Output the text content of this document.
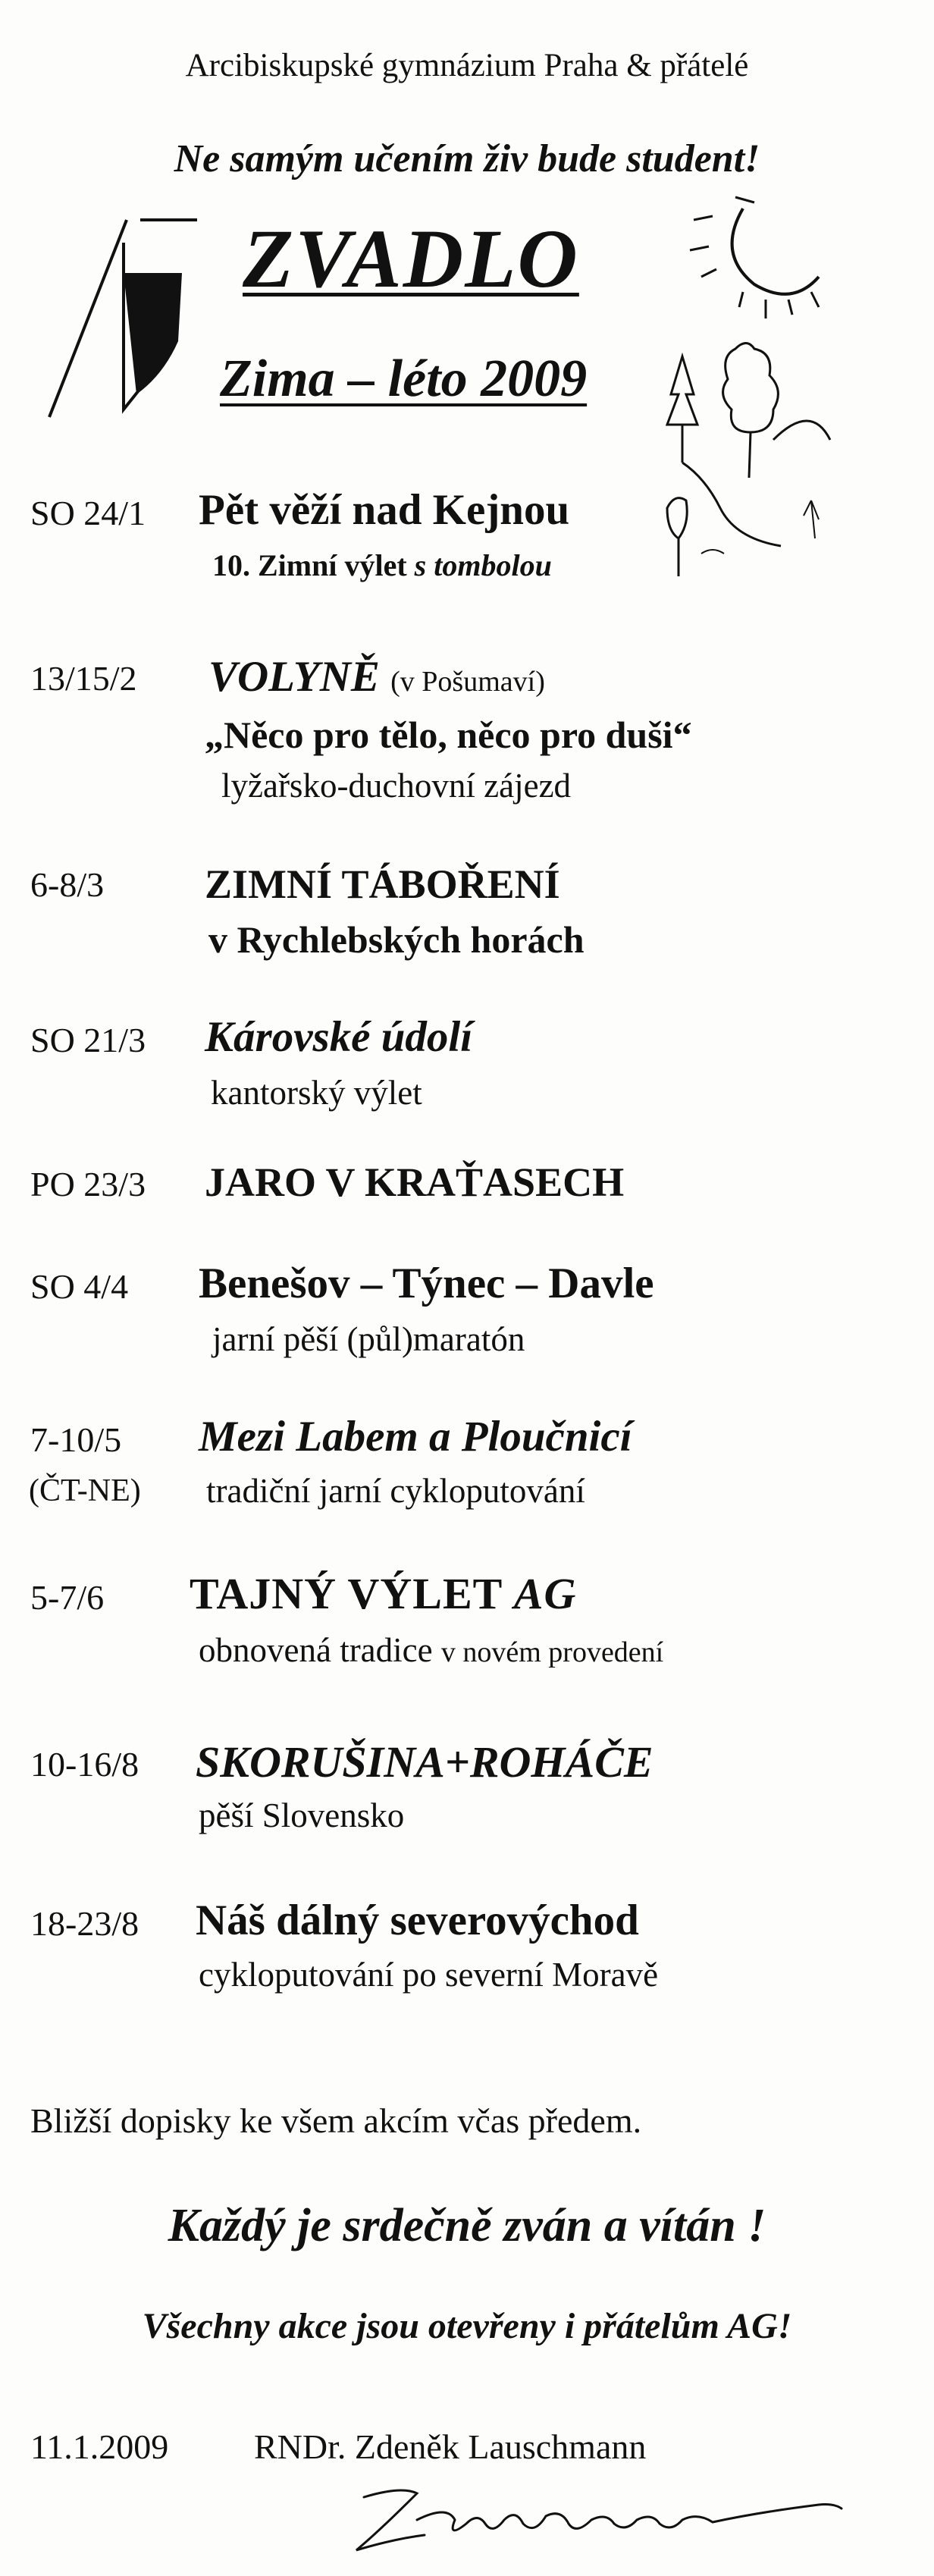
Arcibiskupské gymnázium Praha & přátelé
Ne samým učením živ bude student!
ZVADLO
Zima – léto 2009
SO 24/1 Pět věží nad Kejnou
10. Zimní výlet s tombolou
13/15/2 VOLYNĚ (v Pošumaví)
„Něco pro tělo, něco pro duši“
lyžařsko-duchovní zájezd
6-8/3 ZIMNÍ TÁBOŘENÍ
v Rychlebských horách
SO 21/3 Károvské údolí
kantorský výlet
PO 23/3 JARO V KRAŤASECH
SO 4/4 Benešov – Týnec – Davle
jarní pěší (půl)maratón
7-10/5
(ČT-NE)
Mezi Labem a Ploučnicí
tradiční jarní cykloputování
5-7/6 TAJNÝ VÝLET AG
obnovená tradice v novém provedení
10-16/8 SKORUŠINA+ROHÁČE
pěší Slovensko
18-23/8 Náš dálný severovýchod
cykloputování po severní Moravě
Bližší dopisky ke všem akcím včas předem.
Každý je srdečně zván a vítán !
Všechny akce jsou otevřeny i přátelům AG!
11.1.2009 RNDr. Zdeněk Lauschmann
